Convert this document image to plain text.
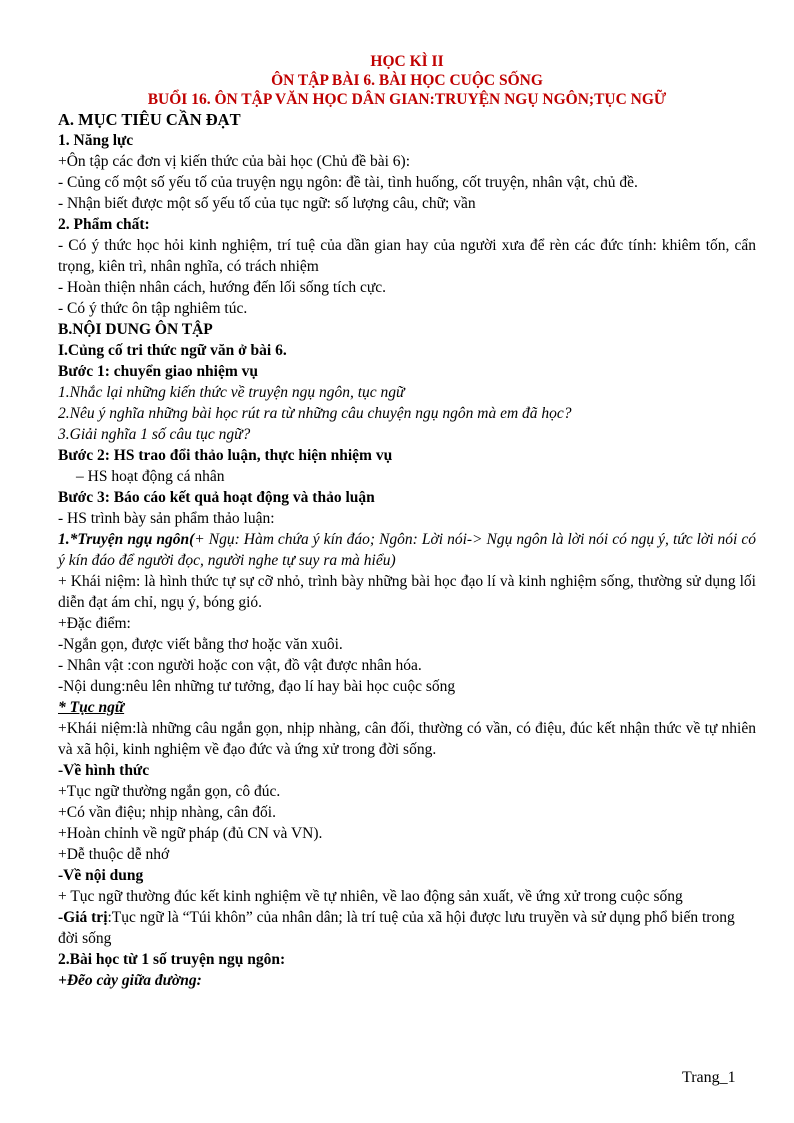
HỌC KÌ II
ÔN TẬP BÀI 6. BÀI HỌC CUỘC SỐNG
BUỔI 16. ÔN TẬP VĂN HỌC DÂN GIAN:TRUYỆN NGỤ NGÔN;TỤC NGỮ
A. MỤC TIÊU CẦN ĐẠT
1. Năng lực
+Ôn tập các đơn vị kiến thức của bài học (Chủ đề bài 6):
- Củng cố một số yếu tố của truyện ngụ ngôn: đề tài, tình huống, cốt truyện, nhân vật, chủ đề.
- Nhận biết được một số yếu tố của tục ngữ: số lượng câu, chữ; vần
2. Phẩm chất:
- Có ý thức học hỏi kinh nghiệm, trí tuệ của dần gian hay của người xưa để rèn các đức tính: khiêm tốn, cẩn trọng, kiên trì, nhân nghĩa, có trách nhiệm
- Hoàn thiện nhân cách, hướng đến lối sống tích cực.
- Có ý thức ôn tập nghiêm túc.
B.NỘI DUNG ÔN TẬP
I.Củng cố tri thức ngữ văn ở bài 6.
Bước 1: chuyển giao nhiệm vụ
1.Nhắc lại những kiến thức về truyện ngụ ngôn, tục ngữ
2.Nêu ý nghĩa những bài học rút ra từ những câu chuyện ngụ ngôn mà em đã học?
3.Giải nghĩa 1 số câu tục ngữ?
Bước 2: HS trao đổi thảo luận, thực hiện nhiệm vụ
– HS hoạt động cá nhân
Bước 3: Báo cáo kết quả hoạt động và thảo luận
- HS trình bày sản phẩm thảo luận:
1.*Truyện ngụ ngôn(+ Ngụ: Hàm chứa ý kín đáo; Ngôn: Lời nói-> Ngụ ngôn là lời nói có ngụ ý, tức lời nói có ý kín đáo để người đọc, người nghe tự suy ra mà hiểu)
+ Khái niệm: là hình thức tự sự cỡ nhỏ, trình bày những bài học đạo lí và kinh nghiệm sống, thường sử dụng lối diễn đạt ám chỉ, ngụ ý, bóng gió.
+Đặc điểm:
-Ngắn gọn, được viết bằng thơ hoặc văn xuôi.
- Nhân vật :con người hoặc con vật, đồ vật được nhân hóa.
-Nội dung:nêu lên những tư tưởng, đạo lí hay bài học cuộc sống
* Tục ngữ
+Khái niệm:là những câu ngắn gọn, nhịp nhàng, cân đối, thường có vần, có điệu, đúc kết nhận thức về tự nhiên và xã hội, kinh nghiệm về đạo đức và ứng xử trong đời sống.
-Về hình thức
+Tục ngữ thường ngắn gọn, cô đúc.
+Có vần điệu; nhịp nhàng, cân đối.
+Hoàn chỉnh về ngữ pháp (đủ CN và VN).
+Dễ thuộc dễ nhớ
-Về nội dung
+ Tục ngữ thường đúc kết kinh nghiệm về tự nhiên, về lao động sản xuất, về ứng xử trong cuộc sống
-Giá trị:Tục ngữ là “Túi khôn” của nhân dân; là trí tuệ của xã hội được lưu truyền và sử dụng phổ biến trong đời sống
2.Bài học từ 1 số truyện ngụ ngôn:
+Đẽo cày giữa đường:
Trang_1
